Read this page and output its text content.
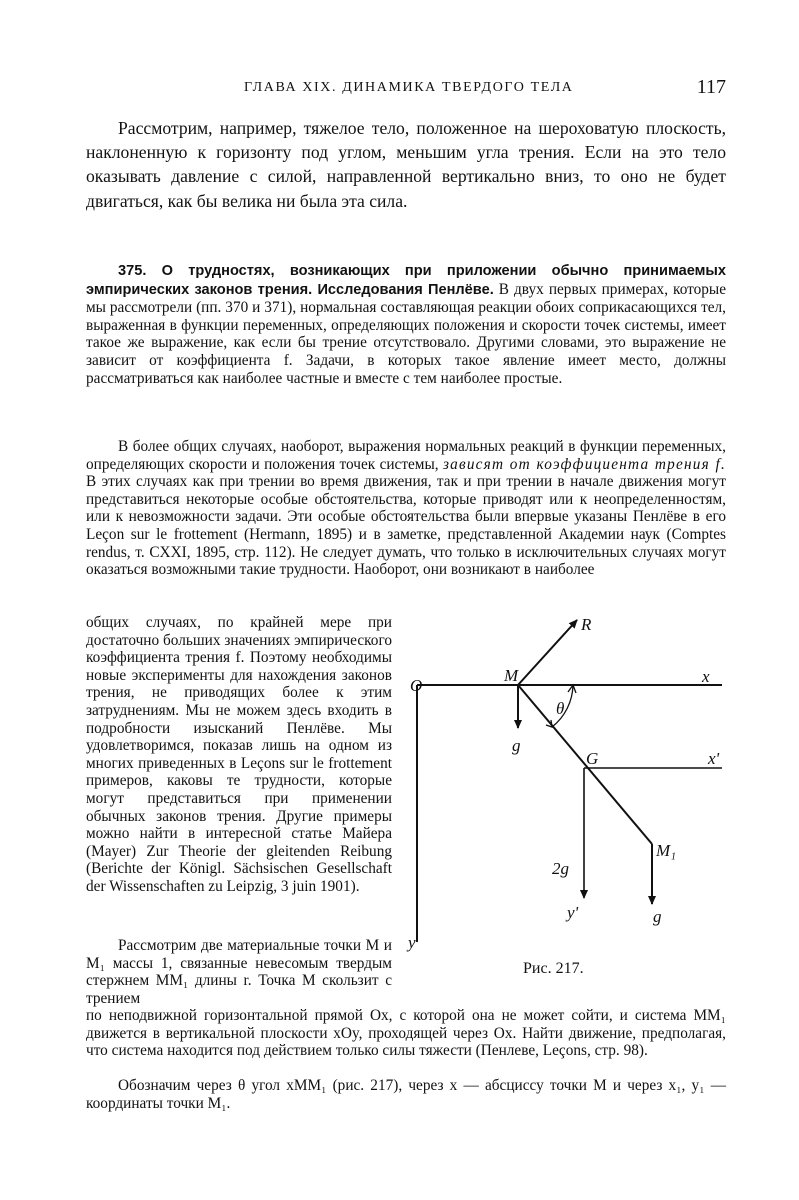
ГЛАВА XIX. ДИНАМИКА ТВЕРДОГО ТЕЛА	117

Рассмотрим, например, тяжелое тело, положенное на шероховатую плоскость, наклоненную к горизонту под углом, меньшим угла трения. Если на это тело оказывать давление с силой, направленной вертикально вниз, то оно не будет двигаться, как бы велика ни была эта сила.

375. О трудностях, возникающих при приложении обычно принимаемых эмпирических законов трения. Исследования Пенлёве. В двух первых примерах, которые мы рассмотрели (пп. 370 и 371), нормальная составляющая реакции обоих соприкасающихся тел, выраженная в функции переменных, определяющих положения и скорости точек системы, имеет такое же выражение, как если бы трение отсутствовало. Другими словами, это выражение не зависит от коэффициента f. Задачи, в которых такое явление имеет место, должны рассматриваться как наиболее частные и вместе с тем наиболее простые.

В более общих случаях, наоборот, выражения нормальных реакций в функции переменных, определяющих скорости и положения точек системы, зависят от коэффициента трения f. В этих случаях как при трении во время движения, так и при трении в начале движения могут представиться некоторые особые обстоятельства, которые приводят или к неопределенностям, или к невозможности задачи. Эти особые обстоятельства были впервые указаны Пенлёве в его Leçon sur le frottement (Hermann, 1895) и в заметке, представленной Академии наук (Comptes rendus, т. CXXI, 1895, стр. 112). Не следует думать, что только в исключительных случаях могут оказаться возможными такие трудности. Наоборот, они возникают в наиболее

общих случаях, по крайней мере при достаточно больших значениях эмпирического коэффициента трения f. Поэтому необходимы новые эксперименты для нахождения законов трения, не приводящих более к этим затруднениям. Мы не можем здесь входить в подробности изысканий Пенлёве. Мы удовлетворимся, показав лишь на одном из многих приведенных в Leçons sur le frottement примеров, каковы те трудности, которые могут представиться при применении обычных законов трения. Другие примеры можно найти в интересной статье Майера (Mayer) Zur Theorie der gleitenden Reibung (Berichte der Königl. Sächsischen Gesellschaft der Wissenschaften zu Leipzig, 3 juin 1901).

Рассмотрим две материальные точки M и M₁ массы 1, связанные невесомым твердым стержнем MM₁ длины r. Точка M скользит с трением

по неподвижной горизонтальной прямой Ox, с которой она не может сойти, и система MM₁ движется в вертикальной плоскости xOy, проходящей через Ox. Найти движение, предполагая, что система находится под действием только силы тяжести (Пенлеве, Leçons, стр. 98).

Обозначим через θ угол xMM₁ (рис. 217), через x — абсциссу точки M и через x₁, y₁ — координаты точки M₁.

O
M	x
R
θ
g
G	x'
M₁
2g
y'	g
y
Рис. 217.
